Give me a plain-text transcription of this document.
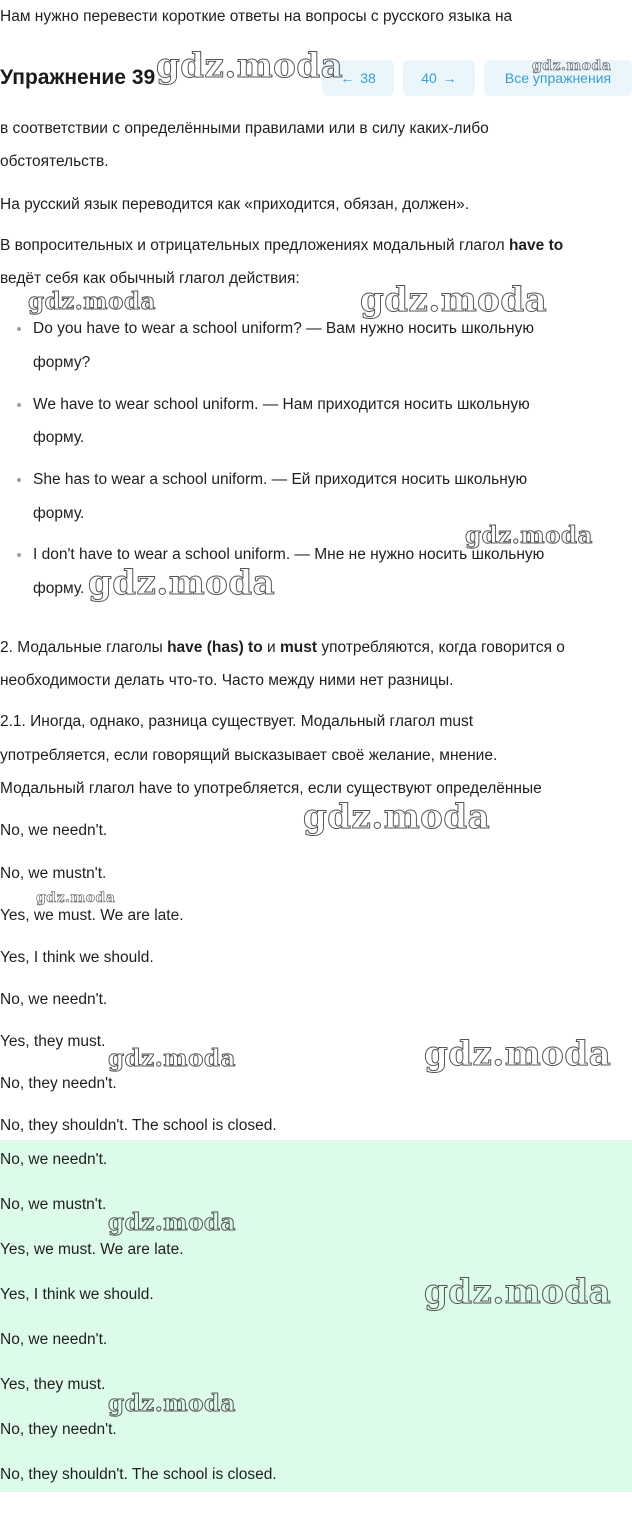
Нам нужно перевести короткие ответы на вопросы с русского языка на
Упражнение 39	← 38	40 →	Все упражнения
в соответствии с определёнными правилами или в силу каких-либо
обстоятельств.
На русский язык переводится как «приходится, обязан, должен».
В вопросительных и отрицательных предложениях модальный глагол have to
ведёт себя как обычный глагол действия:
Do you have to wear a school uniform? — Вам нужно носить школьную
форму?
We have to wear school uniform. — Нам приходится носить школьную
форму.
She has to wear a school uniform. — Ей приходится носить школьную
форму.
I don't have to wear a school uniform. — Мне не нужно носить школьную
форму.
2. Модальные глаголы have (has) to и must употребляются, когда говорится о
необходимости делать что-то. Часто между ними нет разницы.
2.1. Иногда, однако, разница существует. Модальный глагол must
употребляется, если говорящий высказывает своё желание, мнение.
Модальный глагол have to употребляется, если существуют определённые
No, we needn't.
No, we mustn't.
Yes, we must. We are late.
Yes, I think we should.
No, we needn't.
Yes, they must.
No, they needn't.
No, they shouldn't. The school is closed.
No, we needn't.
No, we mustn't.
Yes, we must. We are late.
Yes, I think we should.
No, we needn't.
Yes, they must.
No, they needn't.
No, they shouldn't. The school is closed.
gdz.moda	gdz.moda
gdz.moda	gdz.moda
gdz.moda
gdz.moda
gdz.moda
gdz.moda
gdz.moda
gdz.moda
gdz.moda
gdz.moda
gdz.moda
